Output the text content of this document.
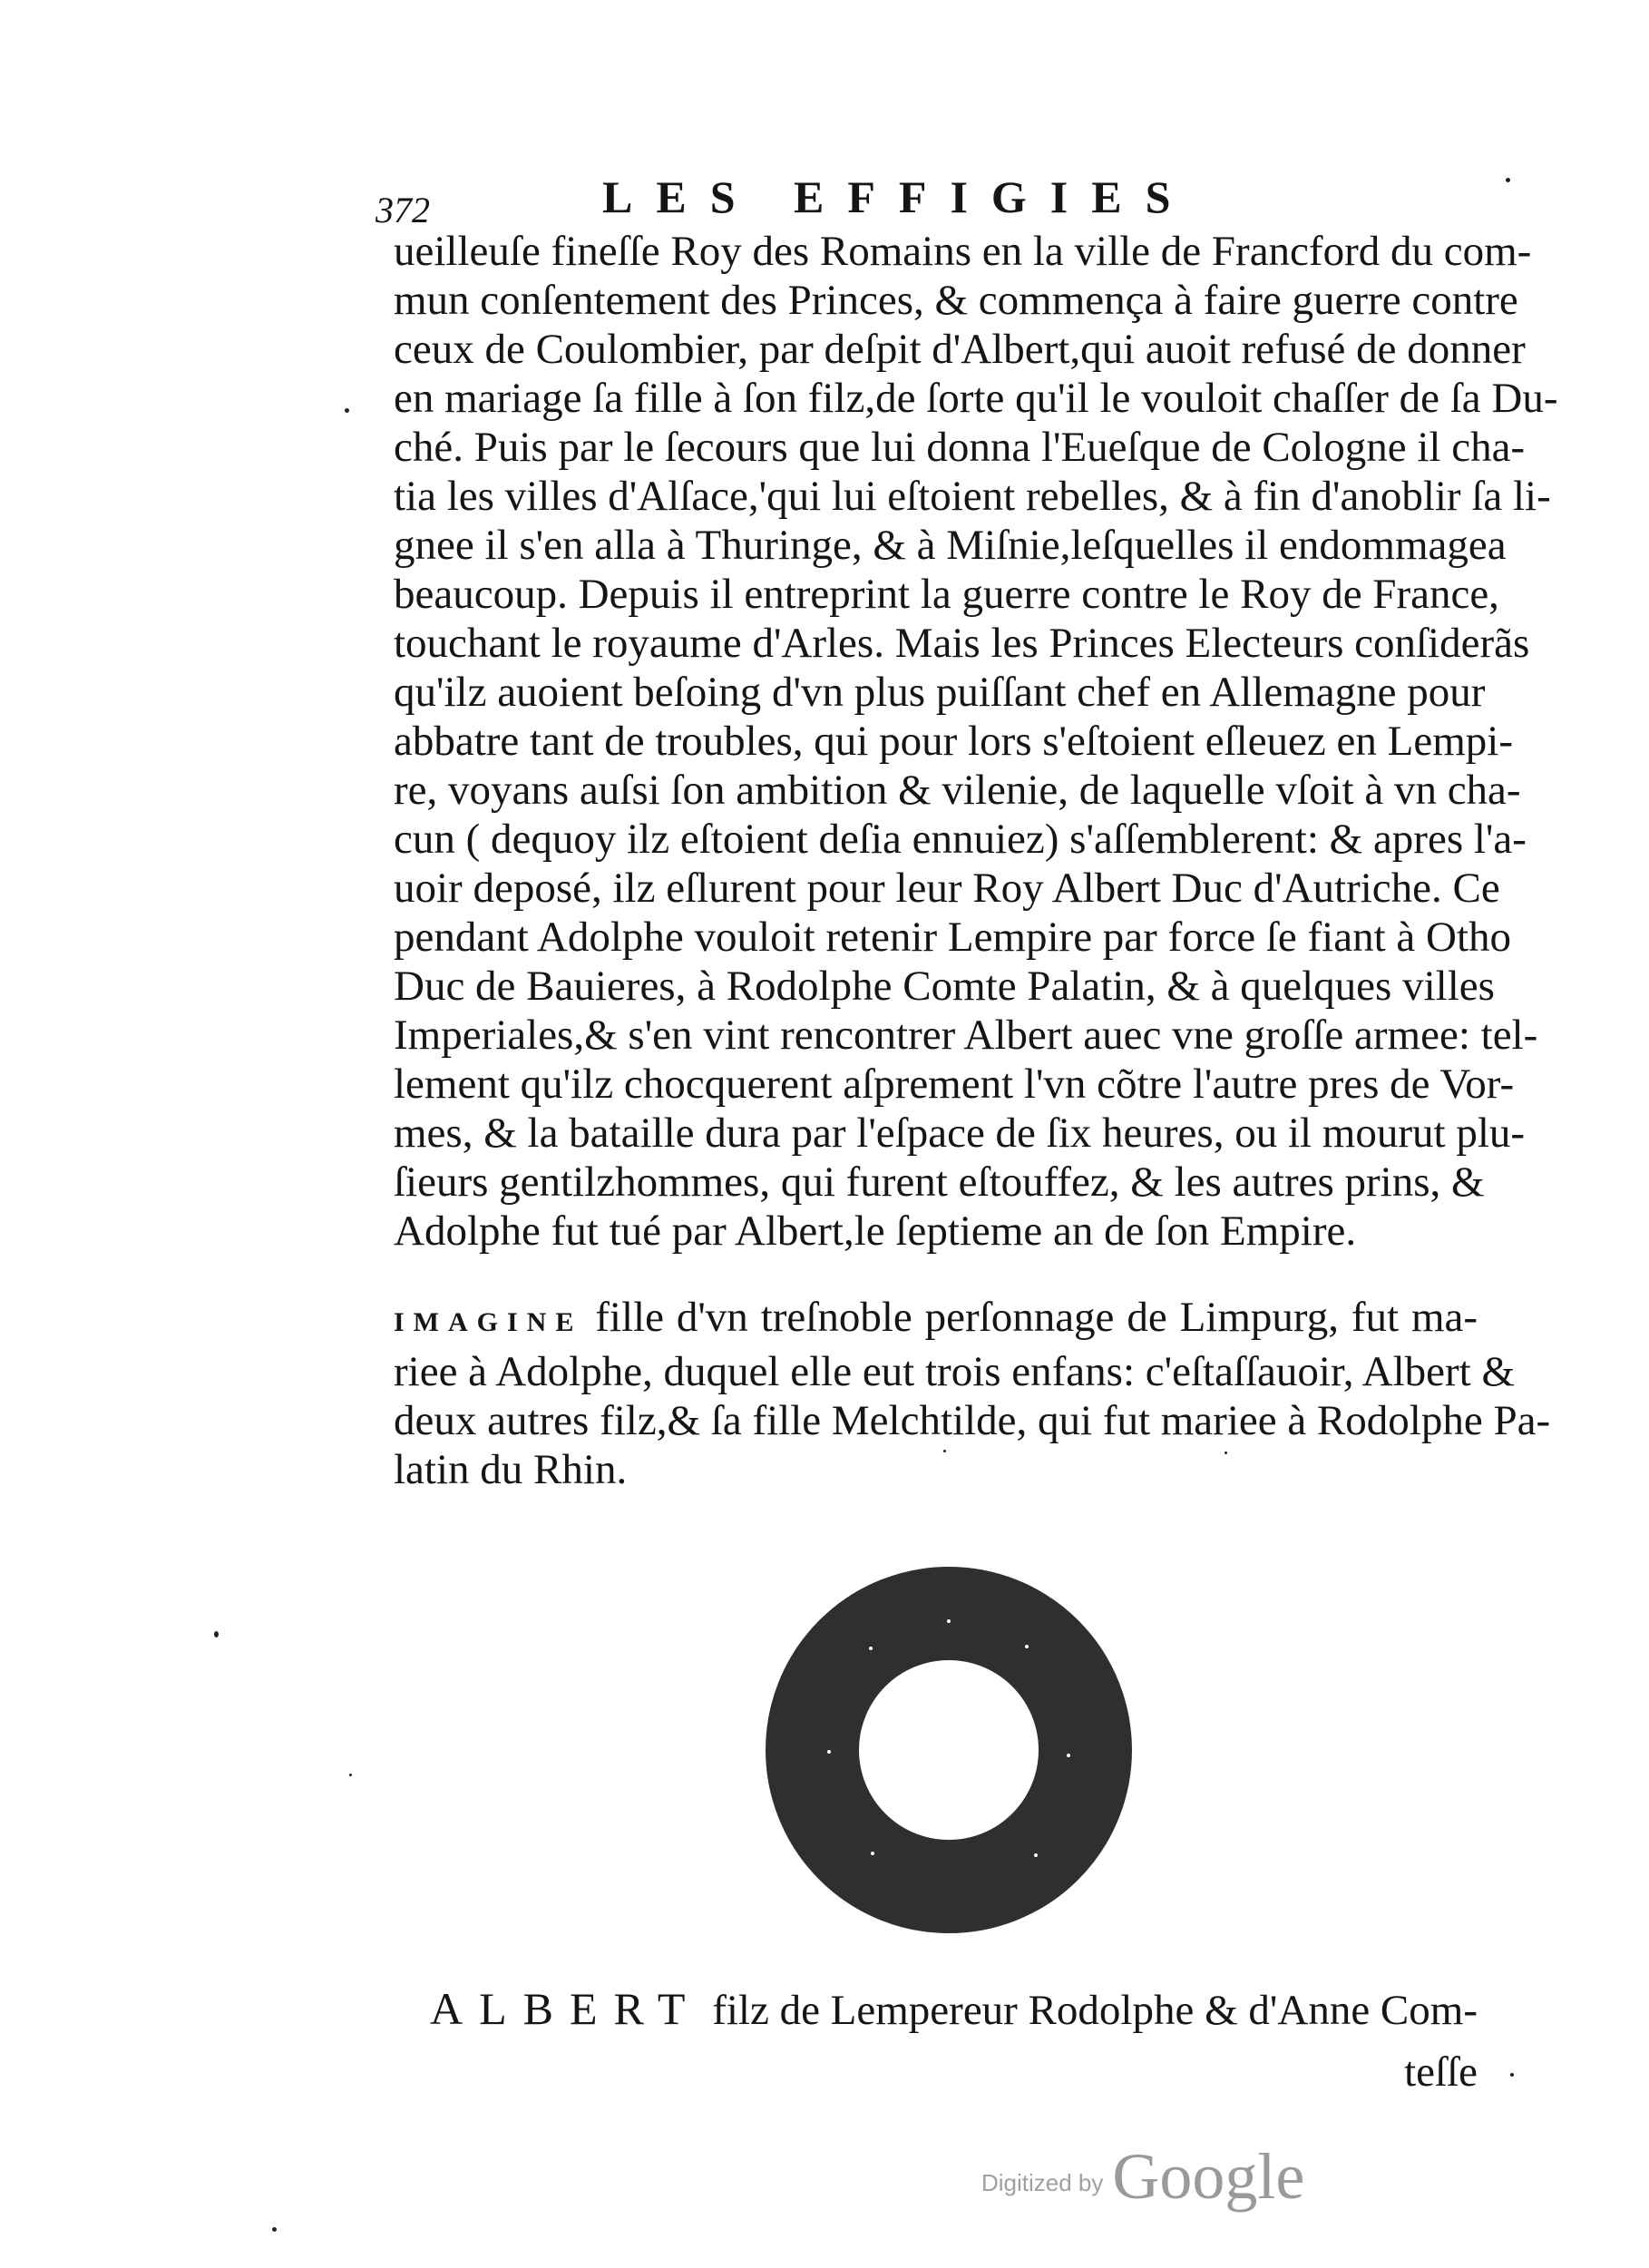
372	LES EFFIGIES
ueilleuſe fineſſe Roy des Romains en la ville de Francford du com-
mun conſentement des Princes, & commença à faire guerre contre
ceux de Coulombier, par deſpit d'Albert,qui auoit refusé de donner
en mariage ſa fille à ſon filz,de ſorte qu'il le vouloit chaſſer de ſa Du-
ché. Puis par le ſecours que lui donna l'Eueſque de Cologne il cha-
tia les villes d'Alſace,'qui lui eſtoient rebelles, & à fin d'anoblir ſa li-
gnee il s'en alla à Thuringe, & à Miſnie,leſquelles il endommagea
beaucoup. Depuis il entreprint la guerre contre le Roy de France,
touchant le royaume d'Arles. Mais les Princes Electeurs conſiderãs
qu'ilz auoient beſoing d'vn plus puiſſant chef en Allemagne pour
abbatre tant de troubles, qui pour lors s'eſtoient eſleuez en Lempi-
re, voyans auſsi ſon ambition & vilenie, de laquelle vſoit à vn cha-
cun ( dequoy ilz eſtoient deſia ennuiez) s'aſſemblerent: & apres l'a-
uoir deposé, ilz eſlurent pour leur Roy Albert Duc d'Autriche. Ce
pendant Adolphe vouloit retenir Lempire par force ſe fiant à Otho
Duc de Bauieres, à Rodolphe Comte Palatin, & à quelques villes
Imperiales,& s'en vint rencontrer Albert auec vne groſſe armee: tel-
lement qu'ilz chocquerent aſprement l'vn cõtre l'autre pres de Vor-
mes, & la bataille dura par l'eſpace de ſix heures, ou il mourut plu-
ſieurs gentilzhommes, qui furent eſtouffez, & les autres prins, &
Adolphe fut tué par Albert,le ſeptieme an de ſon Empire.
IMAGINE fille d'vn treſnoble perſonnage de Limpurg, fut ma-
riee à Adolphe, duquel elle eut trois enfans: c'eſtaſſauoir, Albert &
deux autres filz,& ſa fille Melchtilde, qui fut mariee à Rodolphe Pa-
latin du Rhin.
ALBERT filz de Lempereur Rodolphe & d'Anne Com-
teſſe
Digitized by Google
